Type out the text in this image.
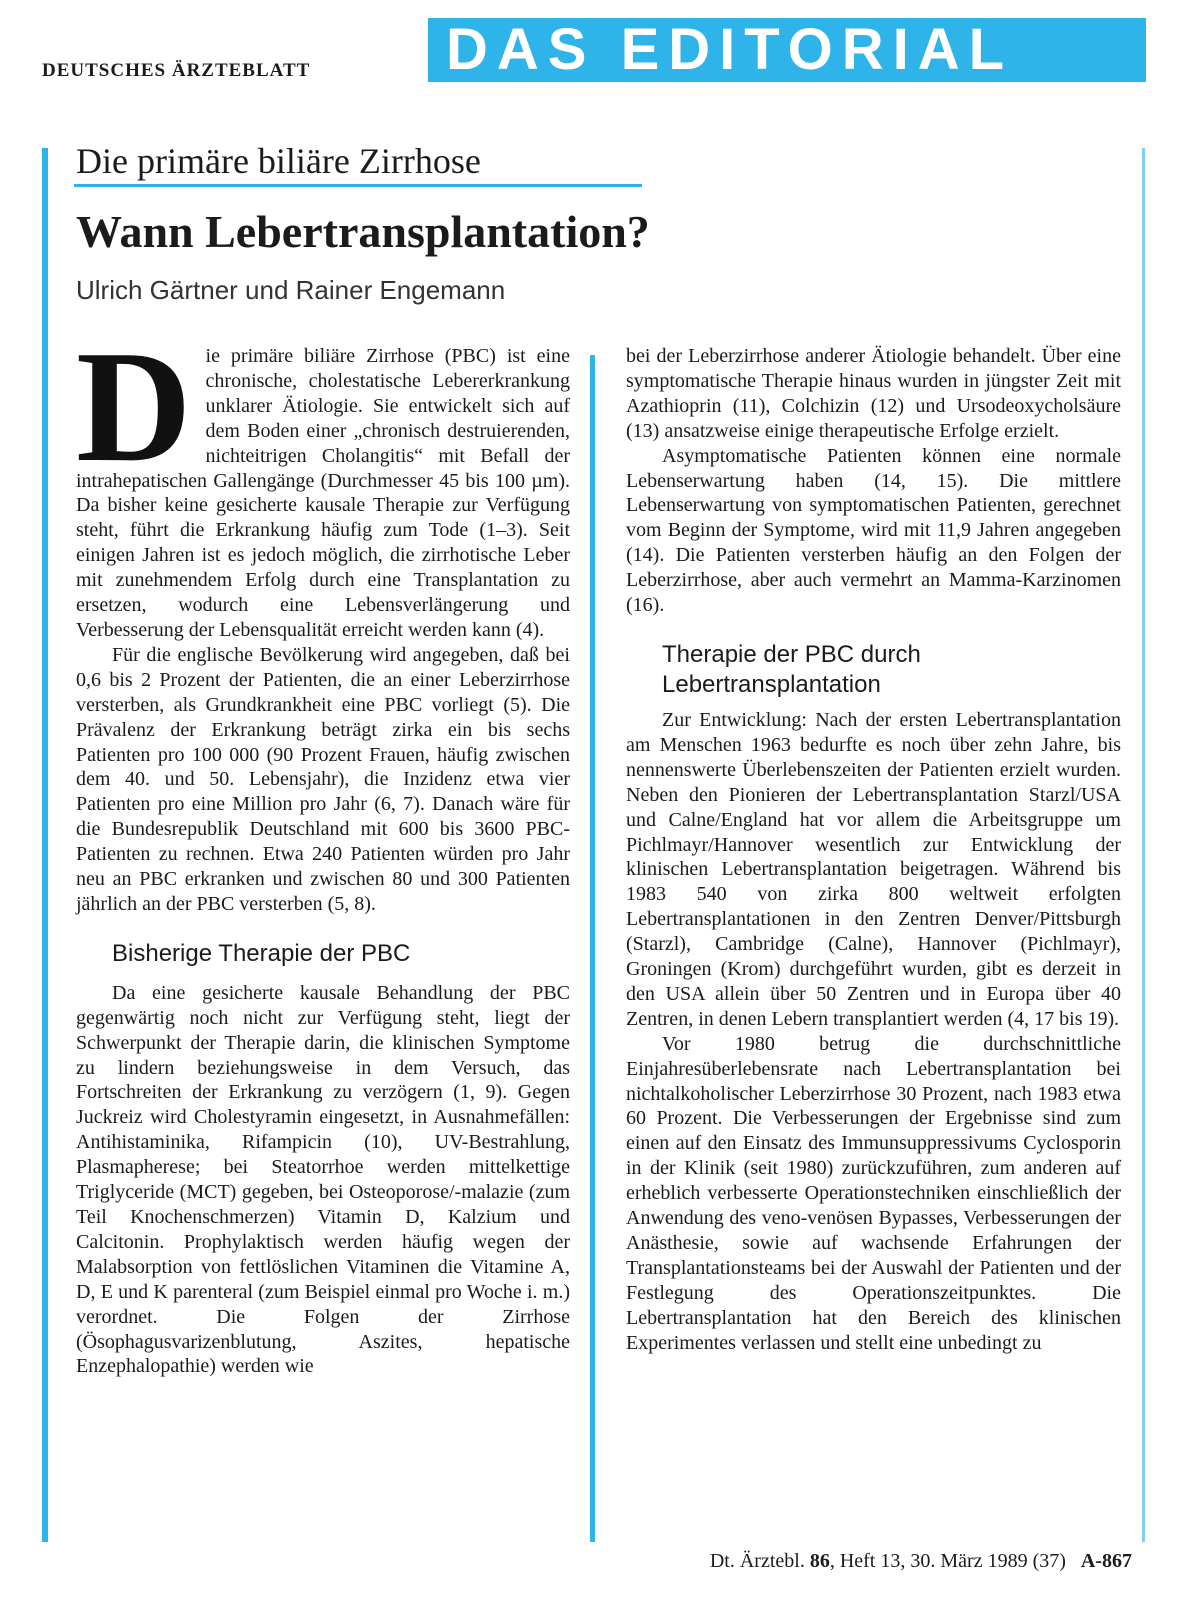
DEUTSCHES ÄRZTEBLATT DAS EDITORIAL
Die primäre biliäre Zirrhose
Wann Lebertransplantation?
Ulrich Gärtner und Rainer Engemann

Die primäre biliäre Zirrhose (PBC) ist eine chronische, cholestatische Lebererkrankung unklarer Ätiologie. Sie entwickelt sich auf dem Boden einer „chronisch destruierenden, nichteitrigen Cholangitis“ mit Befall der intrahepatischen Gallengänge (Durchmesser 45 bis 100 µm). Da bisher keine gesicherte kausale Therapie zur Verfügung steht, führt die Erkrankung häufig zum Tode (1–3). Seit einigen Jahren ist es jedoch möglich, die zirrhotische Leber mit zunehmendem Erfolg durch eine Transplantation zu ersetzen, wodurch eine Lebensverlängerung und Verbesserung der Lebensqualität erreicht werden kann (4).

Für die englische Bevölkerung wird angegeben, daß bei 0,6 bis 2 Prozent der Patienten, die an einer Leberzirrhose versterben, als Grundkrankheit eine PBC vorliegt (5). Die Prävalenz der Erkrankung beträgt zirka ein bis sechs Patienten pro 100 000 (90 Prozent Frauen, häufig zwischen dem 40. und 50. Lebensjahr), die Inzidenz etwa vier Patienten pro eine Million pro Jahr (6, 7). Danach wäre für die Bundesrepublik Deutschland mit 600 bis 3600 PBC-Patienten zu rechnen. Etwa 240 Patienten würden pro Jahr neu an PBC erkranken und zwischen 80 und 300 Patienten jährlich an der PBC versterben (5, 8).

Bisherige Therapie der PBC

Da eine gesicherte kausale Behandlung der PBC gegenwärtig noch nicht zur Verfügung steht, liegt der Schwerpunkt der Therapie darin, die klinischen Symptome zu lindern beziehungsweise in dem Versuch, das Fortschreiten der Erkrankung zu verzögern (1, 9). Gegen Juckreiz wird Cholestyramin eingesetzt, in Ausnahmefällen: Antihistaminika, Rifampicin (10), UV-Bestrahlung, Plasmapherese; bei Steatorrhoe werden mittelkettige Triglyceride (MCT) gegeben, bei Osteoporose/-malazie (zum Teil Knochenschmerzen) Vitamin D, Kalzium und Calcitonin. Prophylaktisch werden häufig wegen der Malabsorption von fettlöslichen Vitaminen die Vitamine A, D, E und K parenteral (zum Beispiel einmal pro Woche i. m.) verordnet. Die Folgen der Zirrhose (Ösophagusvarizenblutung, Aszites, hepatische Enzephalopathie) werden wie

bei der Leberzirrhose anderer Ätiologie behandelt. Über eine symptomatische Therapie hinaus wurden in jüngster Zeit mit Azathioprin (11), Colchizin (12) und Ursodeoxycholsäure (13) ansatzweise einige therapeutische Erfolge erzielt.

Asymptomatische Patienten können eine normale Lebenserwartung haben (14, 15). Die mittlere Lebenserwartung von symptomatischen Patienten, gerechnet vom Beginn der Symptome, wird mit 11,9 Jahren angegeben (14). Die Patienten versterben häufig an den Folgen der Leberzirrhose, aber auch vermehrt an Mamma-Karzinomen (16).

Therapie der PBC durch Lebertransplantation

Zur Entwicklung: Nach der ersten Lebertransplantation am Menschen 1963 bedurfte es noch über zehn Jahre, bis nennenswerte Überlebenszeiten der Patienten erzielt wurden. Neben den Pionieren der Lebertransplantation Starzl/USA und Calne/England hat vor allem die Arbeitsgruppe um Pichlmayr/Hannover wesentlich zur Entwicklung der klinischen Lebertransplantation beigetragen. Während bis 1983 540 von zirka 800 weltweit erfolgten Lebertransplantationen in den Zentren Denver/Pittsburgh (Starzl), Cambridge (Calne), Hannover (Pichlmayr), Groningen (Krom) durchgeführt wurden, gibt es derzeit in den USA allein über 50 Zentren und in Europa über 40 Zentren, in denen Lebern transplantiert werden (4, 17 bis 19).

Vor 1980 betrug die durchschnittliche Einjahresüberlebensrate nach Lebertransplantation bei nichtalkoholischer Leberzirrhose 30 Prozent, nach 1983 etwa 60 Prozent. Die Verbesserungen der Ergebnisse sind zum einen auf den Einsatz des Immunsuppressivums Cyclosporin in der Klinik (seit 1980) zurückzuführen, zum anderen auf erheblich verbesserte Operationstechniken einschließlich der Anwendung des veno-venösen Bypasses, Verbesserungen der Anästhesie, sowie auf wachsende Erfahrungen der Transplantationsteams bei der Auswahl der Patienten und der Festlegung des Operationszeitpunktes. Die Lebertransplantation hat den Bereich des klinischen Experimentes verlassen und stellt eine unbedingt zu

Dt. Ärztebl. 86, Heft 13, 30. März 1989 (37) A-867
